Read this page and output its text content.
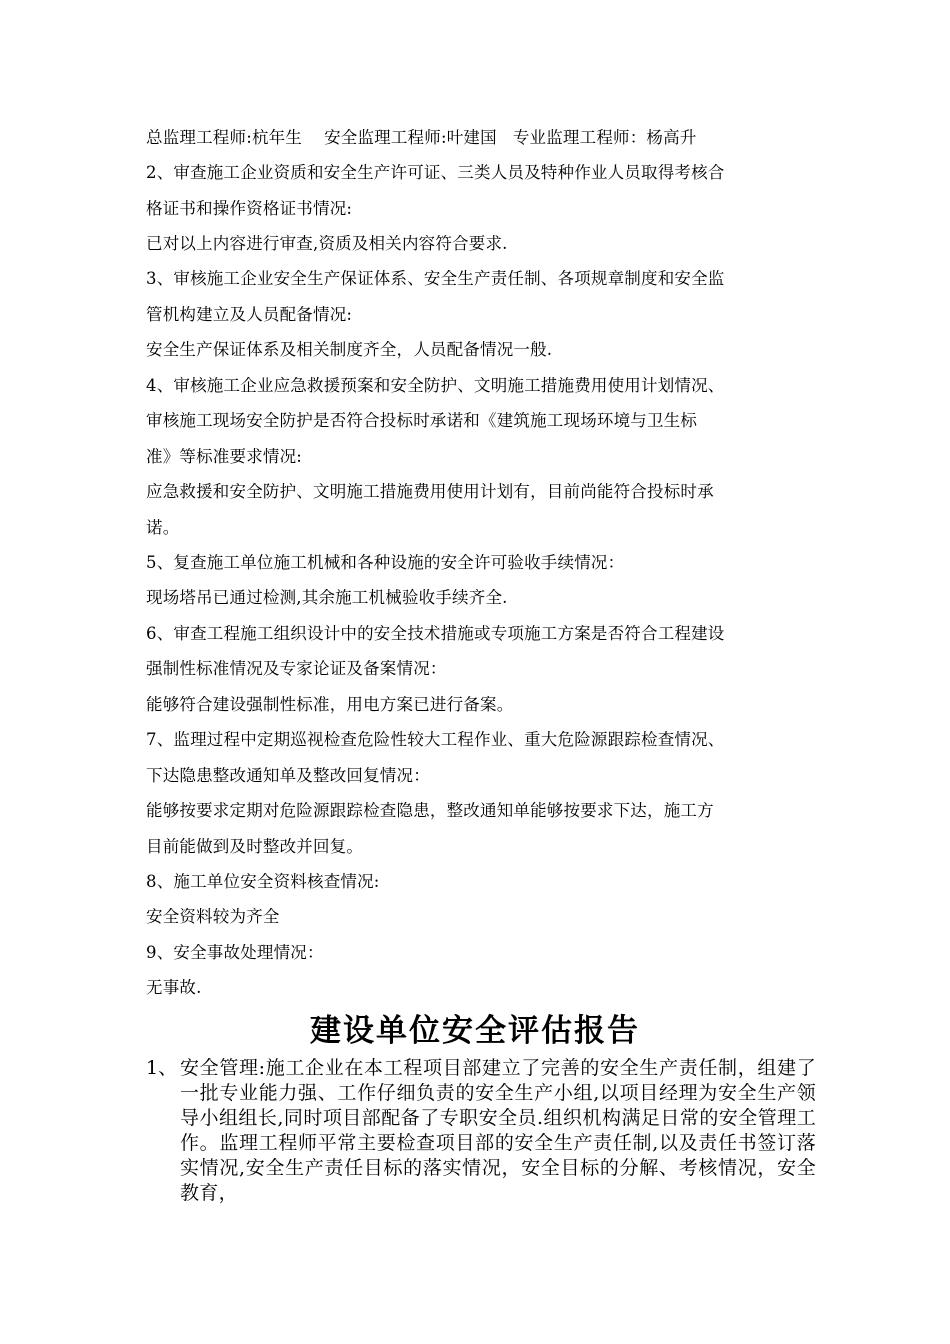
总监理工程师:杭年生 安全监理工程师:叶建国 专业监理工程师：杨高升
2、审查施工企业资质和安全生产许可证、三类人员及特种作业人员取得考核合
格证书和操作资格证书情况:
已对以上内容进行审查,资质及相关内容符合要求.
3、审核施工企业安全生产保证体系、安全生产责任制、各项规章制度和安全监
管机构建立及人员配备情况:
安全生产保证体系及相关制度齐全，人员配备情况一般.
4、审核施工企业应急救援预案和安全防护、文明施工措施费用使用计划情况、
审核施工现场安全防护是否符合投标时承诺和《建筑施工现场环境与卫生标
准》等标准要求情况:
应急救援和安全防护、文明施工措施费用使用计划有，目前尚能符合投标时承
诺。
5、复查施工单位施工机械和各种设施的安全许可验收手续情况：
现场塔吊已通过检测,其余施工机械验收手续齐全.
6、审查工程施工组织设计中的安全技术措施或专项施工方案是否符合工程建设
强制性标准情况及专家论证及备案情况：
能够符合建设强制性标准，用电方案已进行备案。
7、监理过程中定期巡视检查危险性较大工程作业、重大危险源跟踪检查情况、
下达隐患整改通知单及整改回复情况：
能够按要求定期对危险源跟踪检查隐患，整改通知单能够按要求下达，施工方
目前能做到及时整改并回复。
8、施工单位安全资料核查情况:
安全资料较为齐全
9、安全事故处理情况：
无事故.
建设单位安全评估报告
1、 安全管理:施工企业在本工程项目部建立了完善的安全生产责任制，组建了一批专业能力强、工作仔细负责的安全生产小组,以项目经理为安全生产领导小组组长,同时项目部配备了专职安全员.组织机构满足日常的安全管理工作。监理工程师平常主要检查项目部的安全生产责任制,以及责任书签订落实情况,安全生产责任目标的落实情况，安全目标的分解、考核情况，安全教育，
